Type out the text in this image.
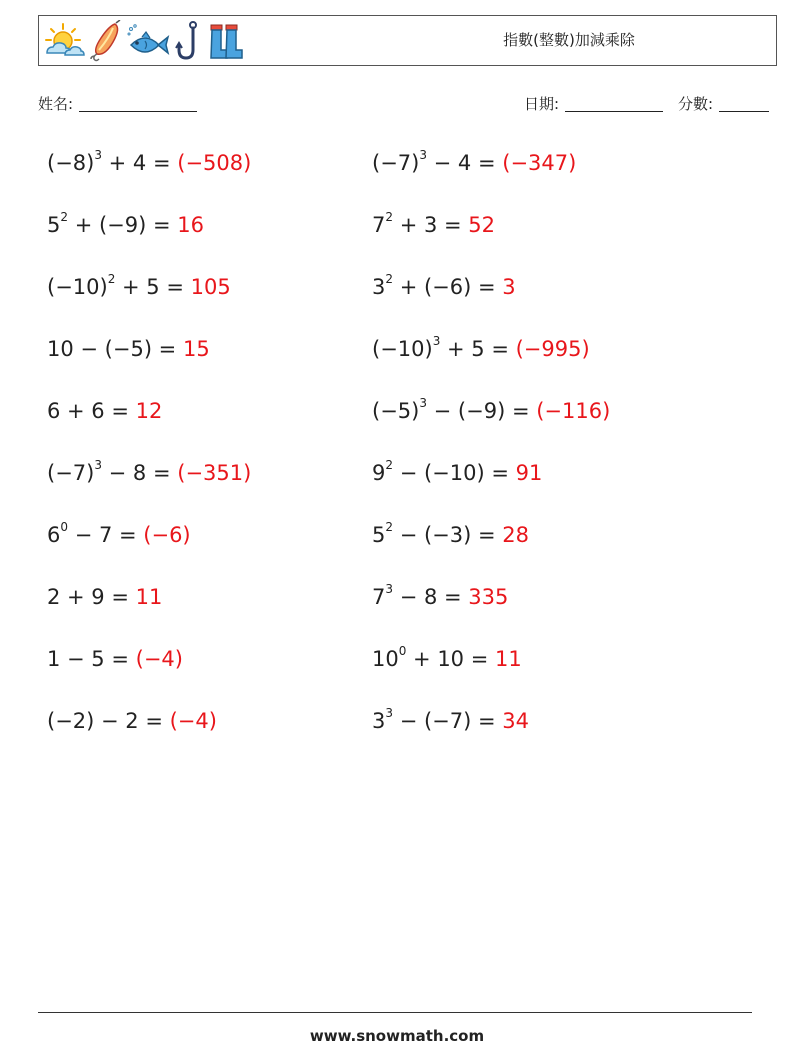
指數(整數)加減乘除
姓名:	日期:	分數:
$(-8)^3 + 4 = (-508)$	$(-7)^3 - 4 = (-347)$
$5^2 + (-9) = 16$	$7^2 + 3 = 52$
$(-10)^2 + 5 = 105$	$3^2 + (-6) = 3$
10 − (−5) = 15	$(-10)^3 + 5 = (-995)$
6 + 6 = 12	$(-5)^3 - (-9) = (-116)$
$(-7)^3 - 8 = (-351)$	$9^2 - (-10) = 91$
$6^0 - 7 = (-6)$	$5^2 - (-3) = 28$
2 + 9 = 11	$7^3 - 8 = 335$
1 − 5 = (−4)	$10^0 + 10 = 11$
(−2) − 2 = (−4)	$3^3 - (-7) = 34$
www.snowmath.com
